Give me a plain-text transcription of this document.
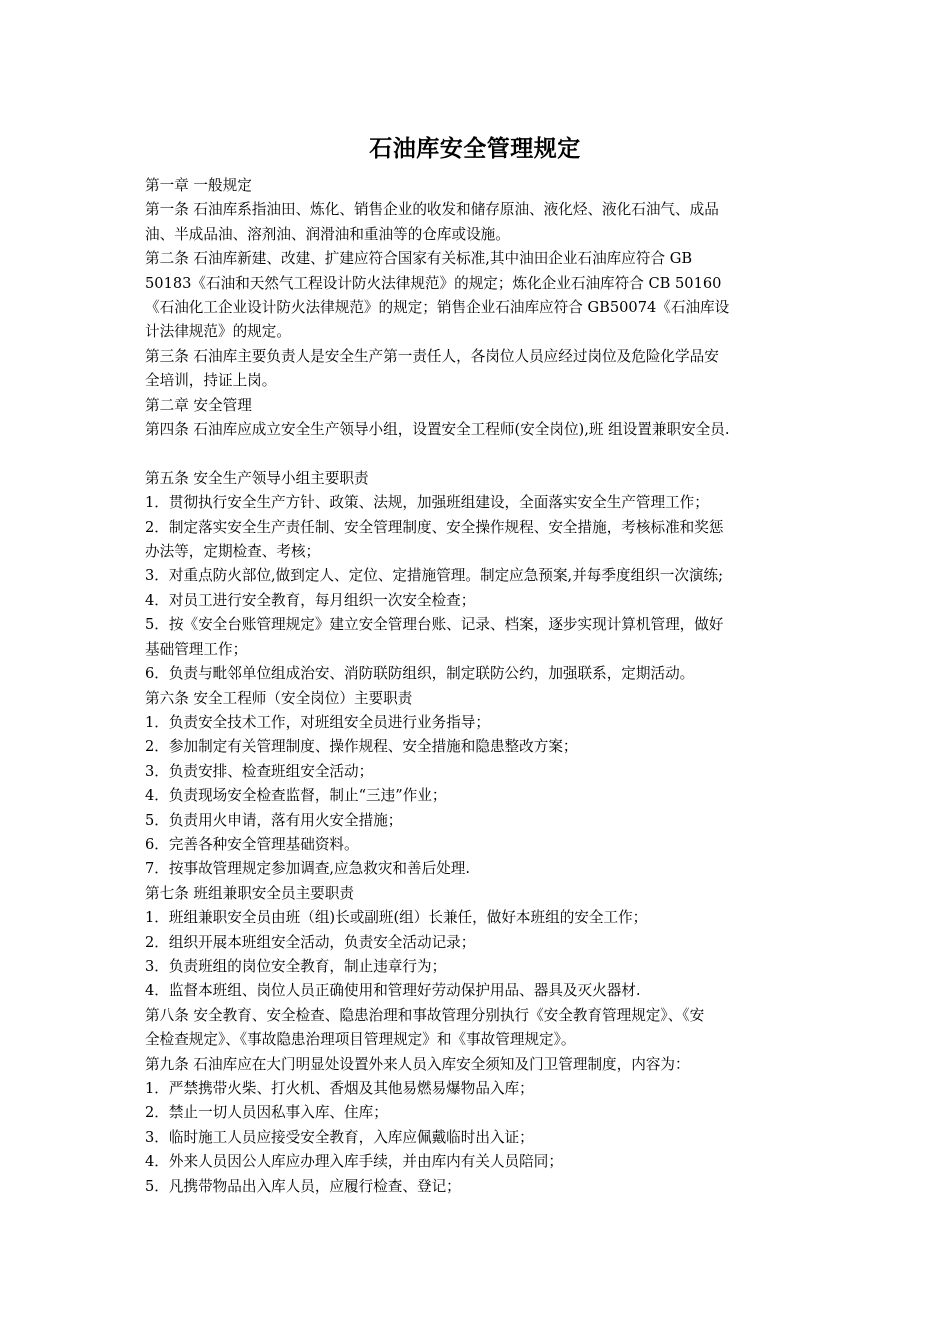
石油库安全管理规定

第一章 一般规定

第一条 石油库系指油田、炼化、销售企业的收发和储存原油、液化烃、液化石油气、成品

油、半成品油、溶剂油、润滑油和重油等的仓库或设施。

第二条 石油库新建、改建、扩建应符合国家有关标准,其中油田企业石油库应符合 GB

50183《石油和天然气工程设计防火法律规范》的规定；炼化企业石油库符合 CB 50160

《石油化工企业设计防火法律规范》的规定；销售企业石油库应符合 GB50074《石油库设

计法律规范》的规定。

第三条 石油库主要负责人是安全生产第一责任人，各岗位人员应经过岗位及危险化学品安

全培训，持证上岗。

第二章 安全管理

第四条 石油库应成立安全生产领导小组，设置安全工程师(安全岗位),班 组设置兼职安全员.

第五条 安全生产领导小组主要职责

1．贯彻执行安全生产方针、政策、法规，加强班组建设，全面落实安全生产管理工作；

2．制定落实安全生产责任制、安全管理制度、安全操作规程、安全措施，考核标准和奖惩

办法等，定期检查、考核；

3．对重点防火部位,做到定人、定位、定措施管理。制定应急预案,并每季度组织一次演练;

4．对员工进行安全教育，每月组织一次安全检查；

5．按《安全台账管理规定》建立安全管理台账、记录、档案，逐步实现计算机管理，做好

基础管理工作；

6．负责与毗邻单位组成治安、消防联防组织，制定联防公约，加强联系，定期活动。

第六条 安全工程师（安全岗位）主要职责

1．负责安全技术工作，对班组安全员进行业务指导；

2．参加制定有关管理制度、操作规程、安全措施和隐患整改方案；

3．负责安排、检查班组安全活动；

4．负责现场安全检查监督，制止“三违”作业；

5．负责用火申请，落有用火安全措施；

6．完善各种安全管理基础资料。

7．按事故管理规定参加调查,应急救灾和善后处理.

第七条 班组兼职安全员主要职责

1．班组兼职安全员由班（组)长或副班(组）长兼任，做好本班组的安全工作；

2．组织开展本班组安全活动，负责安全活动记录；

3．负责班组的岗位安全教育，制止违章行为；

4．监督本班组、岗位人员正确使用和管理好劳动保护用品、器具及灭火器材.

第八条 安全教育、安全检查、隐患治理和事故管理分别执行《安全教育管理规定》、《安

全检查规定》、《事故隐患治理项目管理规定》和《事故管理规定》。

第九条 石油库应在大门明显处设置外来人员入库安全须知及门卫管理制度，内容为：

1．严禁携带火柴、打火机、香烟及其他易燃易爆物品入库；

2．禁止一切人员因私事入库、住库；

3．临时施工人员应接受安全教育，入库应佩戴临时出入证；

4．外来人员因公人库应办理入库手续，并由库内有关人员陪同；

5．凡携带物品出入库人员，应履行检查、登记；
